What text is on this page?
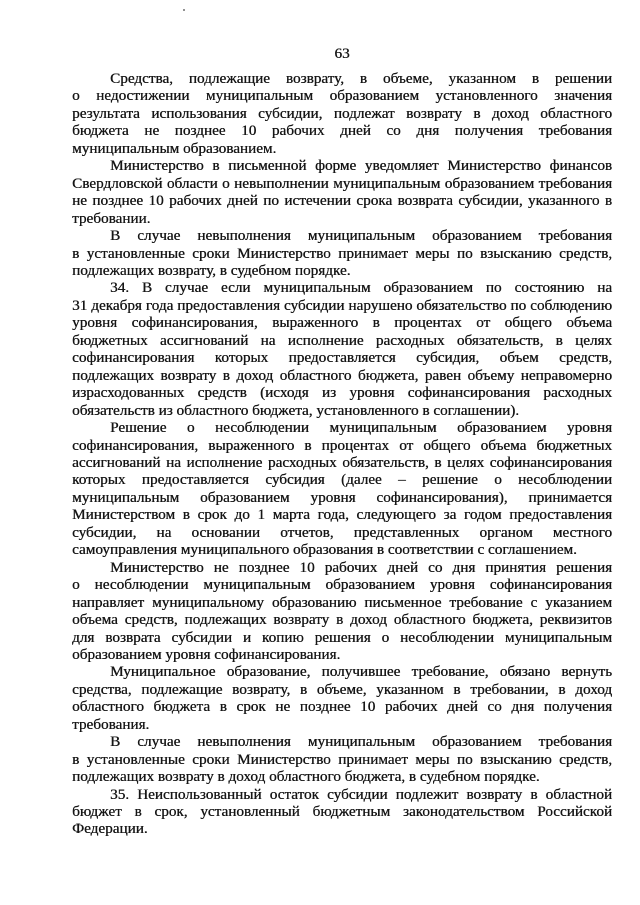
63

Средства, подлежащие возврату, в объеме, указанном в решении о недостижении муниципальным образованием установленного значения результата использования субсидии, подлежат возврату в доход областного бюджета не позднее 10 рабочих дней со дня получения требования муниципальным образованием.

Министерство в письменной форме уведомляет Министерство финансов Свердловской области о невыполнении муниципальным образованием требования не позднее 10 рабочих дней по истечении срока возврата субсидии, указанного в требовании.

В случае невыполнения муниципальным образованием требования в установленные сроки Министерство принимает меры по взысканию средств, подлежащих возврату, в судебном порядке.

34. В случае если муниципальным образованием по состоянию на 31 декабря года предоставления субсидии нарушено обязательство по соблюдению уровня софинансирования, выраженного в процентах от общего объема бюджетных ассигнований на исполнение расходных обязательств, в целях софинансирования которых предоставляется субсидия, объем средств, подлежащих возврату в доход областного бюджета, равен объему неправомерно израсходованных средств (исходя из уровня софинансирования расходных обязательств из областного бюджета, установленного в соглашении).

Решение о несоблюдении муниципальным образованием уровня софинансирования, выраженного в процентах от общего объема бюджетных ассигнований на исполнение расходных обязательств, в целях софинансирования которых предоставляется субсидия (далее – решение о несоблюдении муниципальным образованием уровня софинансирования), принимается Министерством в срок до 1 марта года, следующего за годом предоставления субсидии, на основании отчетов, представленных органом местного самоуправления муниципального образования в соответствии с соглашением.

Министерство не позднее 10 рабочих дней со дня принятия решения о несоблюдении муниципальным образованием уровня софинансирования направляет муниципальному образованию письменное требование с указанием объема средств, подлежащих возврату в доход областного бюджета, реквизитов для возврата субсидии и копию решения о несоблюдении муниципальным образованием уровня софинансирования.

Муниципальное образование, получившее требование, обязано вернуть средства, подлежащие возврату, в объеме, указанном в требовании, в доход областного бюджета в срок не позднее 10 рабочих дней со дня получения требования.

В случае невыполнения муниципальным образованием требования в установленные сроки Министерство принимает меры по взысканию средств, подлежащих возврату в доход областного бюджета, в судебном порядке.

35. Неиспользованный остаток субсидии подлежит возврату в областной бюджет в срок, установленный бюджетным законодательством Российской Федерации.
